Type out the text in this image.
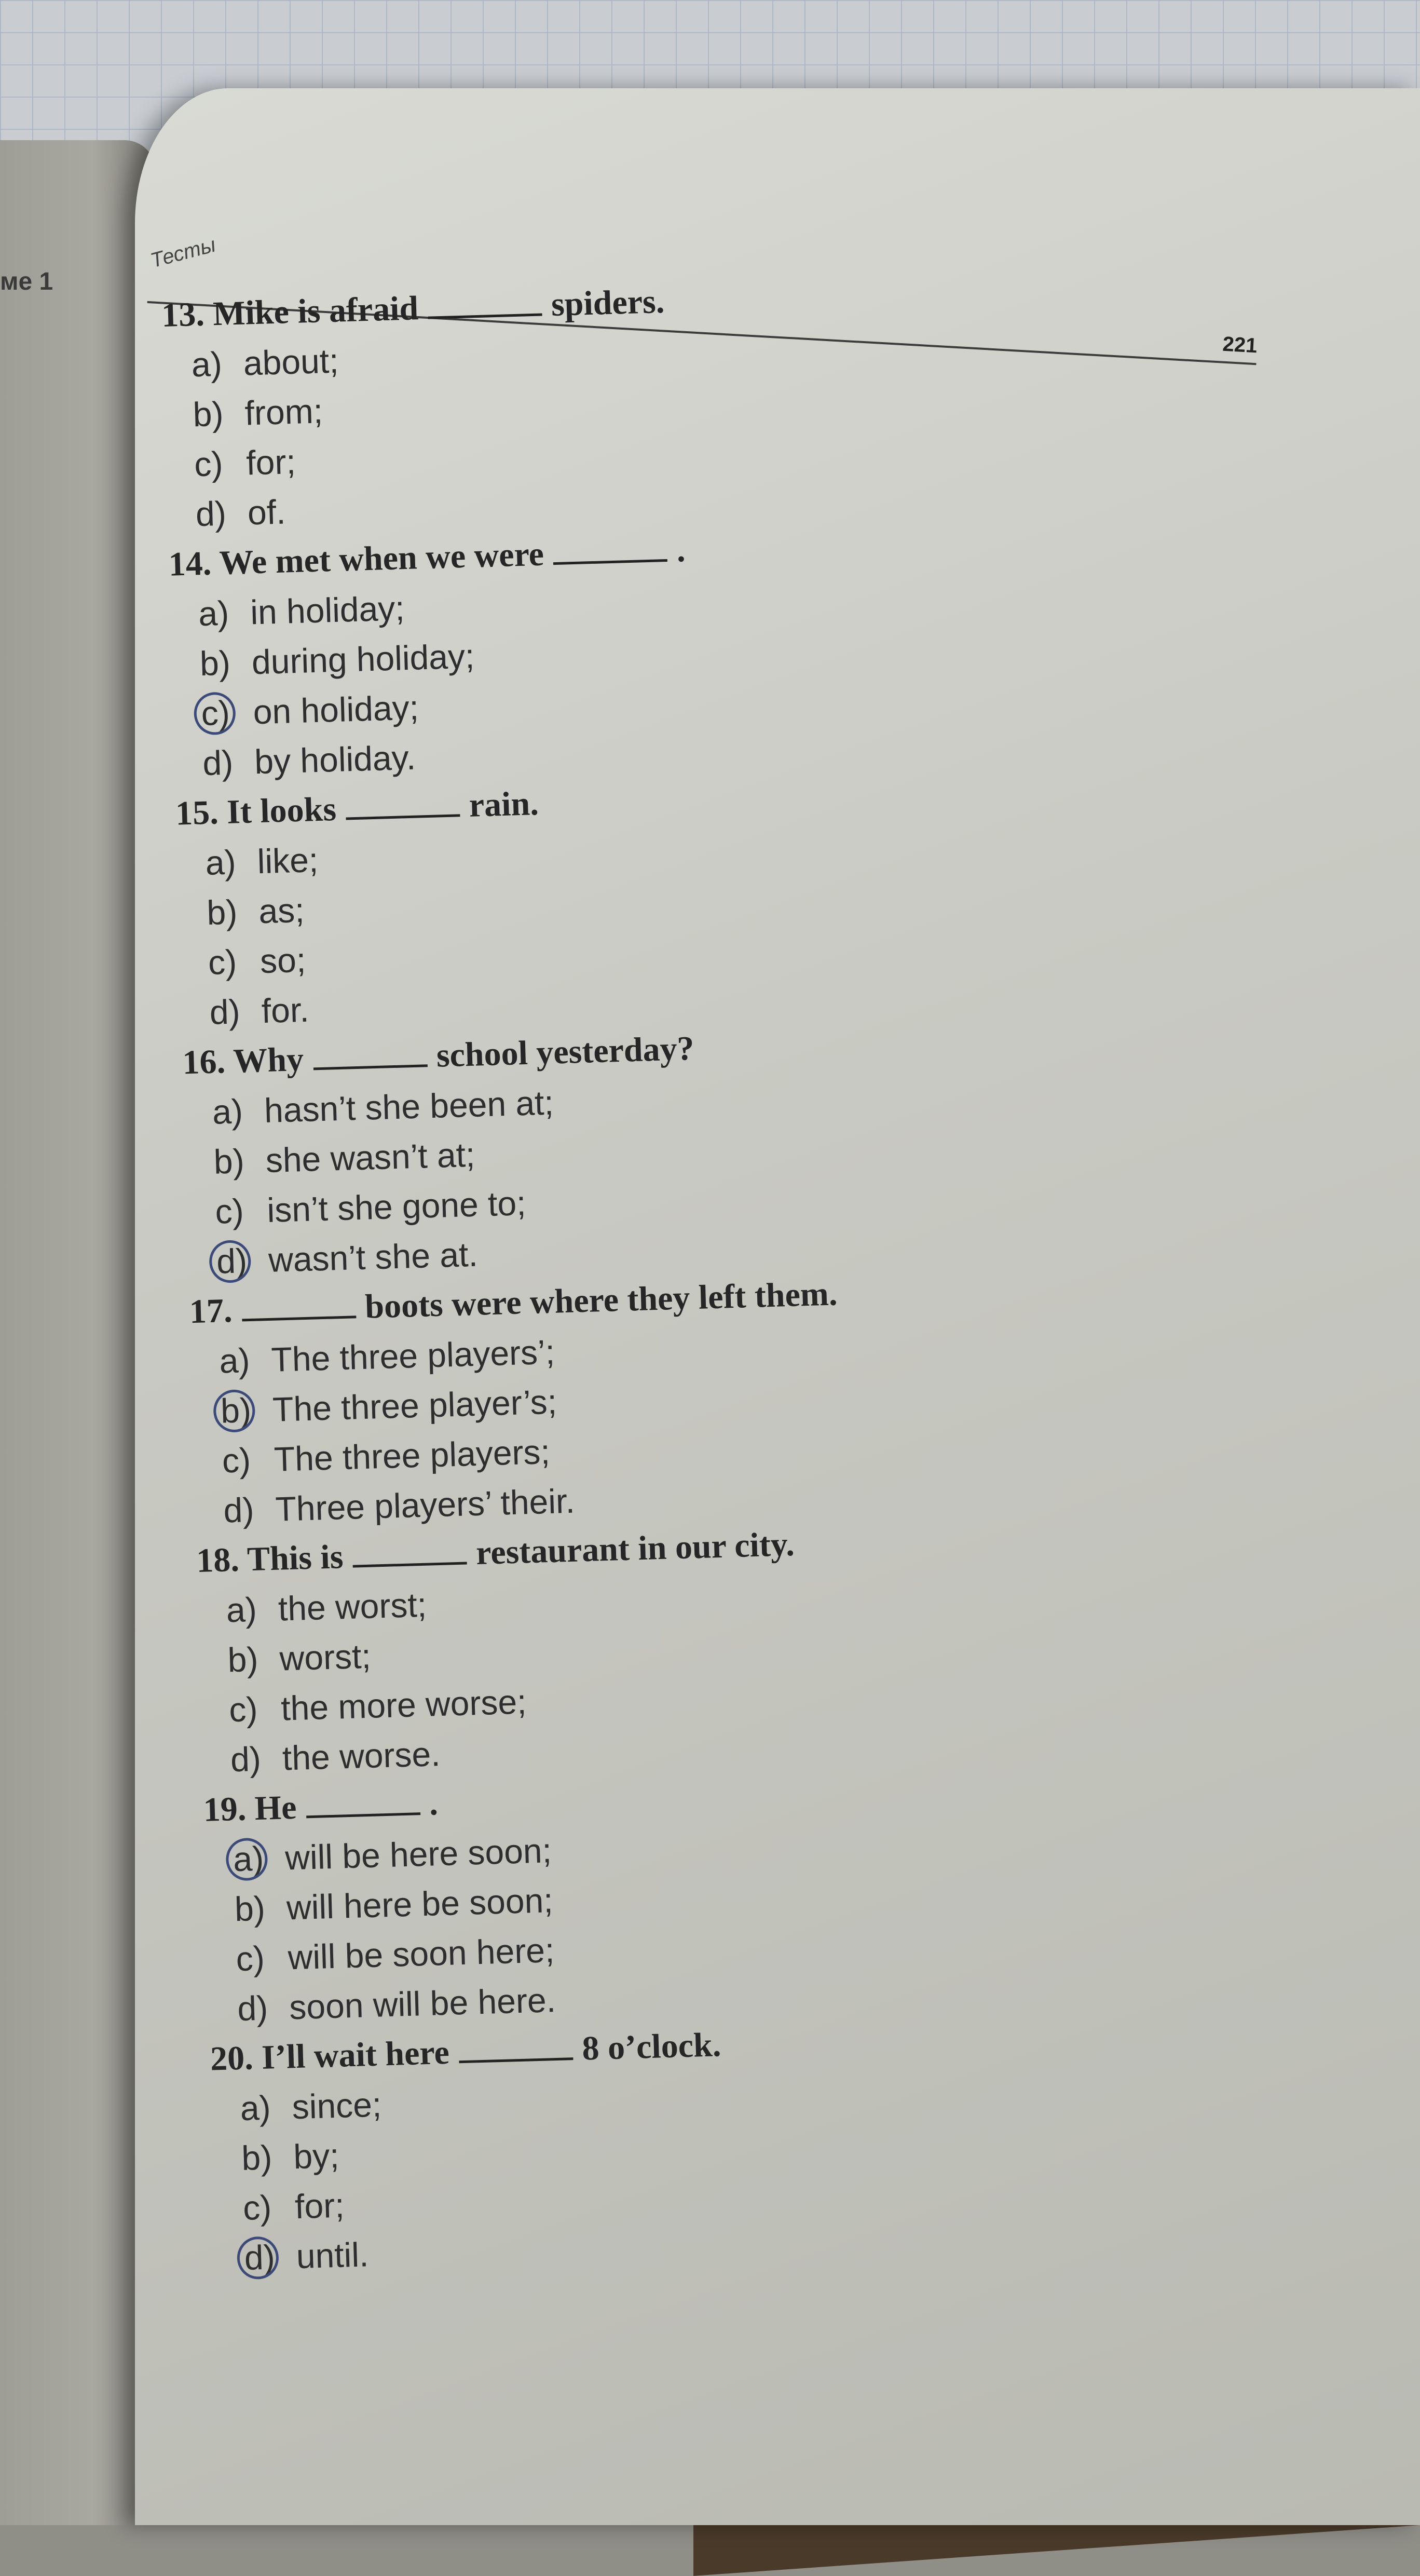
ме 1
Тесты
221
13. Mike is afraid	spiders.
a) about;
b) from;
c) for;
d) of.
14. We met when we were	.
a) in holiday;
b) during holiday;
c) on holiday;
d) by holiday.
15. It looks	rain.
a) like;
b) as;
c) so;
d) for.
16. Why	school yesterday?
a) hasn’t she been at;
b) she wasn’t at;
c) isn’t she gone to;
d) wasn’t she at.
17.	boots were where they left them.
a) The three players’;
b) The three player’s;
c) The three players;
d) Three players’ their.
18. This is	restaurant in our city.
a) the worst;
b) worst;
c) the more worse;
d) the worse.
19. He	.
a) will be here soon;
b) will here be soon;
c) will be soon here;
d) soon will be here.
20. I’ll wait here	8 o’clock.
a) since;
b) by;
c) for;
d) until.
